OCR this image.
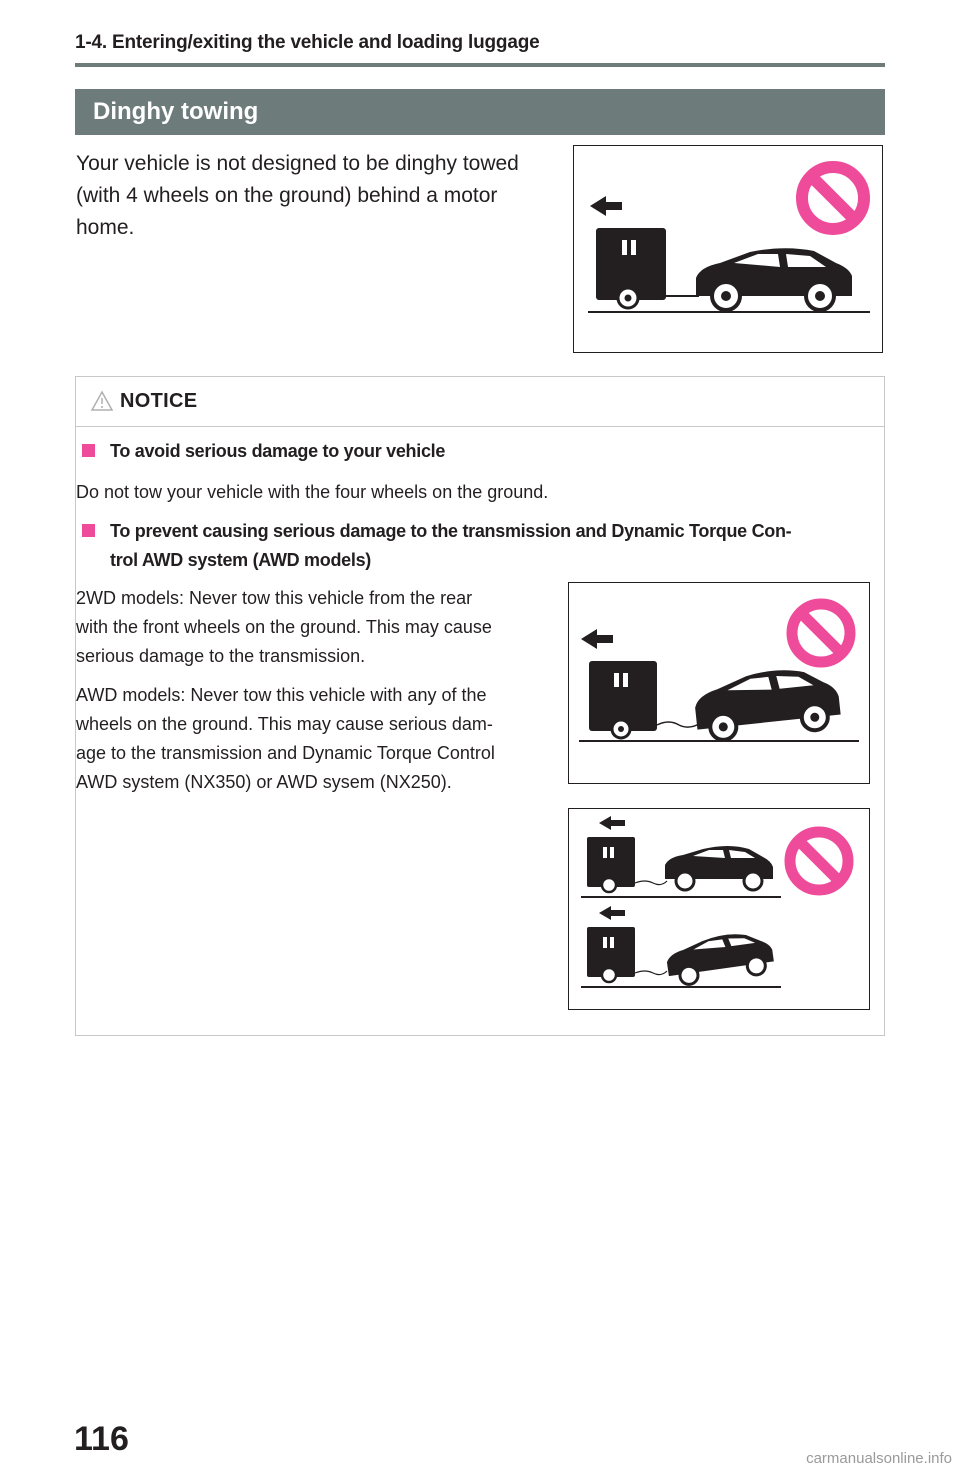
1-4. Entering/exiting the vehicle and loading luggage
Dinghy towing
Your vehicle is not designed to be dinghy towed (with 4 wheels on the ground) behind a motor home.
NOTICE
To avoid serious damage to your vehicle
Do not tow your vehicle with the four wheels on the ground.
To prevent causing serious damage to the transmission and Dynamic Torque Con-
trol AWD system (AWD models)
2WD models: Never tow this vehicle from the rear
with the front wheels on the ground. This may cause
serious damage to the transmission.
AWD models: Never tow this vehicle with any of the
wheels on the ground. This may cause serious dam-
age to the transmission and Dynamic Torque Control
AWD system (NX350) or AWD sysem (NX250).
116
carmanualsonline.info
